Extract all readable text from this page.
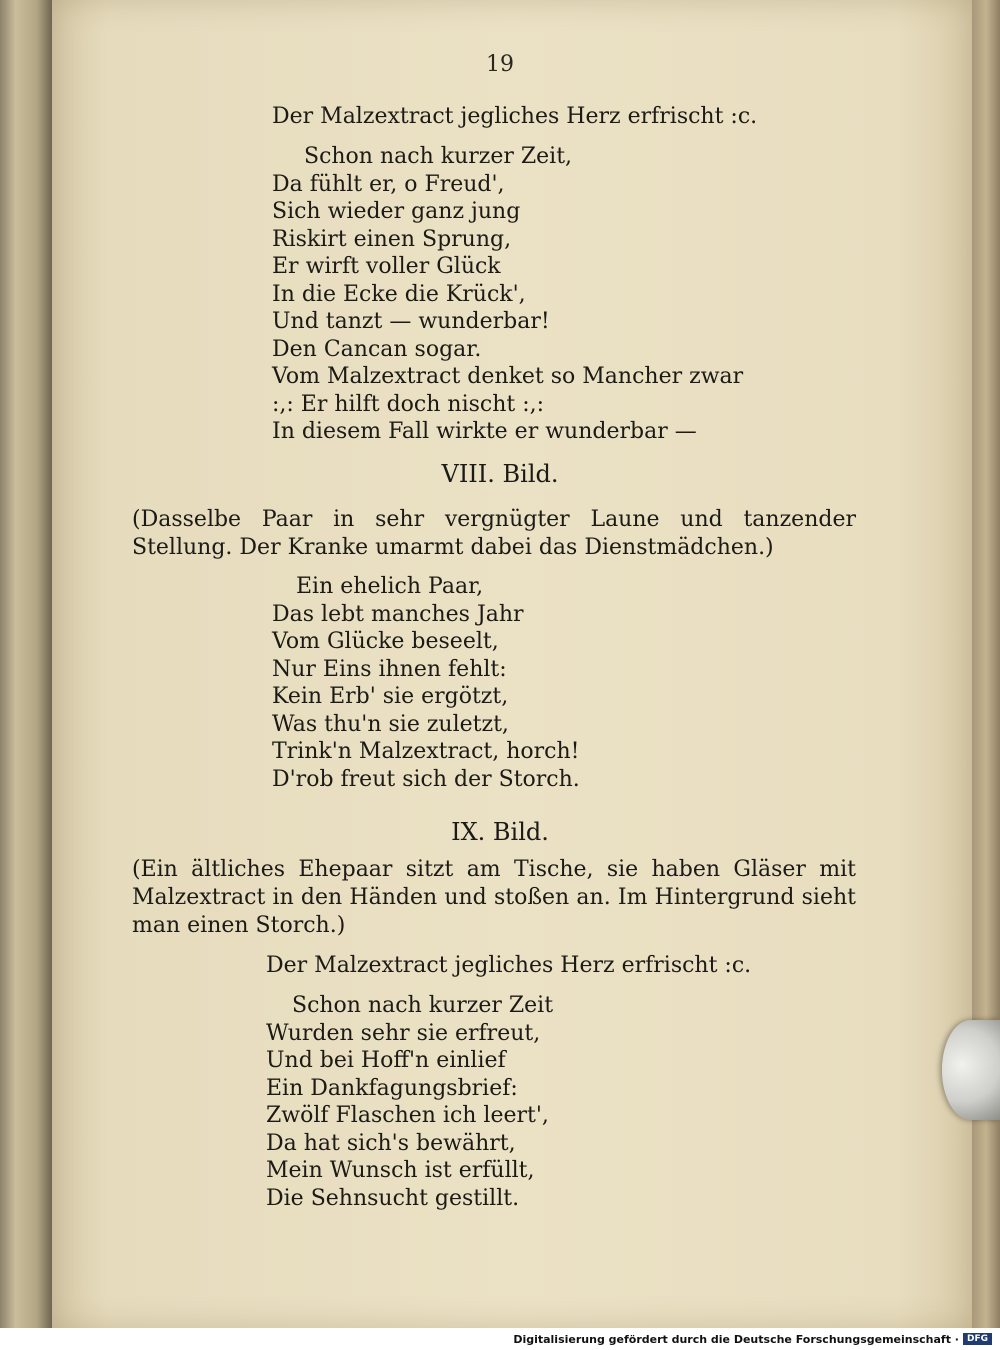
19
Der Malzextract jegliches Herz erfrischt :c.
Schon nach kurzer Zeit,
Da fühlt er, o Freud',
Sich wieder ganz jung
Riskirt einen Sprung,
Er wirft voller Glück
In die Ecke die Krück',
Und tanzt — wunderbar!
Den Cancan sogar.
Vom Malzextract denket so Mancher zwar
:,: Er hilft doch nischt :,:
In diesem Fall wirkte er wunderbar —
VIII. Bild.
(Dasselbe Paar in sehr vergnügter Laune und tanzender Stellung. Der Kranke umarmt dabei das Dienstmädchen.)
Ein ehelich Paar,
Das lebt manches Jahr
Vom Glücke beseelt,
Nur Eins ihnen fehlt:
Kein Erb' sie ergötzt,
Was thu'n sie zuletzt,
Trink'n Malzextract, horch!
D'rob freut sich der Storch.
IX. Bild.
(Ein ältliches Ehepaar sitzt am Tische, sie haben Gläser mit Malzextract in den Händen und stoßen an. Im Hintergrund sieht man einen Storch.)
Der Malzextract jegliches Herz erfrischt :c.
Schon nach kurzer Zeit
Wurden sehr sie erfreut,
Und bei Hoff'n einlief
Ein Dankfagungsbrief:
Zwölf Flaschen ich leert',
Da hat sich's bewährt,
Mein Wunsch ist erfüllt,
Die Sehnsucht gestillt.
Digitalisierung gefördert durch die Deutsche Forschungsgemeinschaft · DFG
